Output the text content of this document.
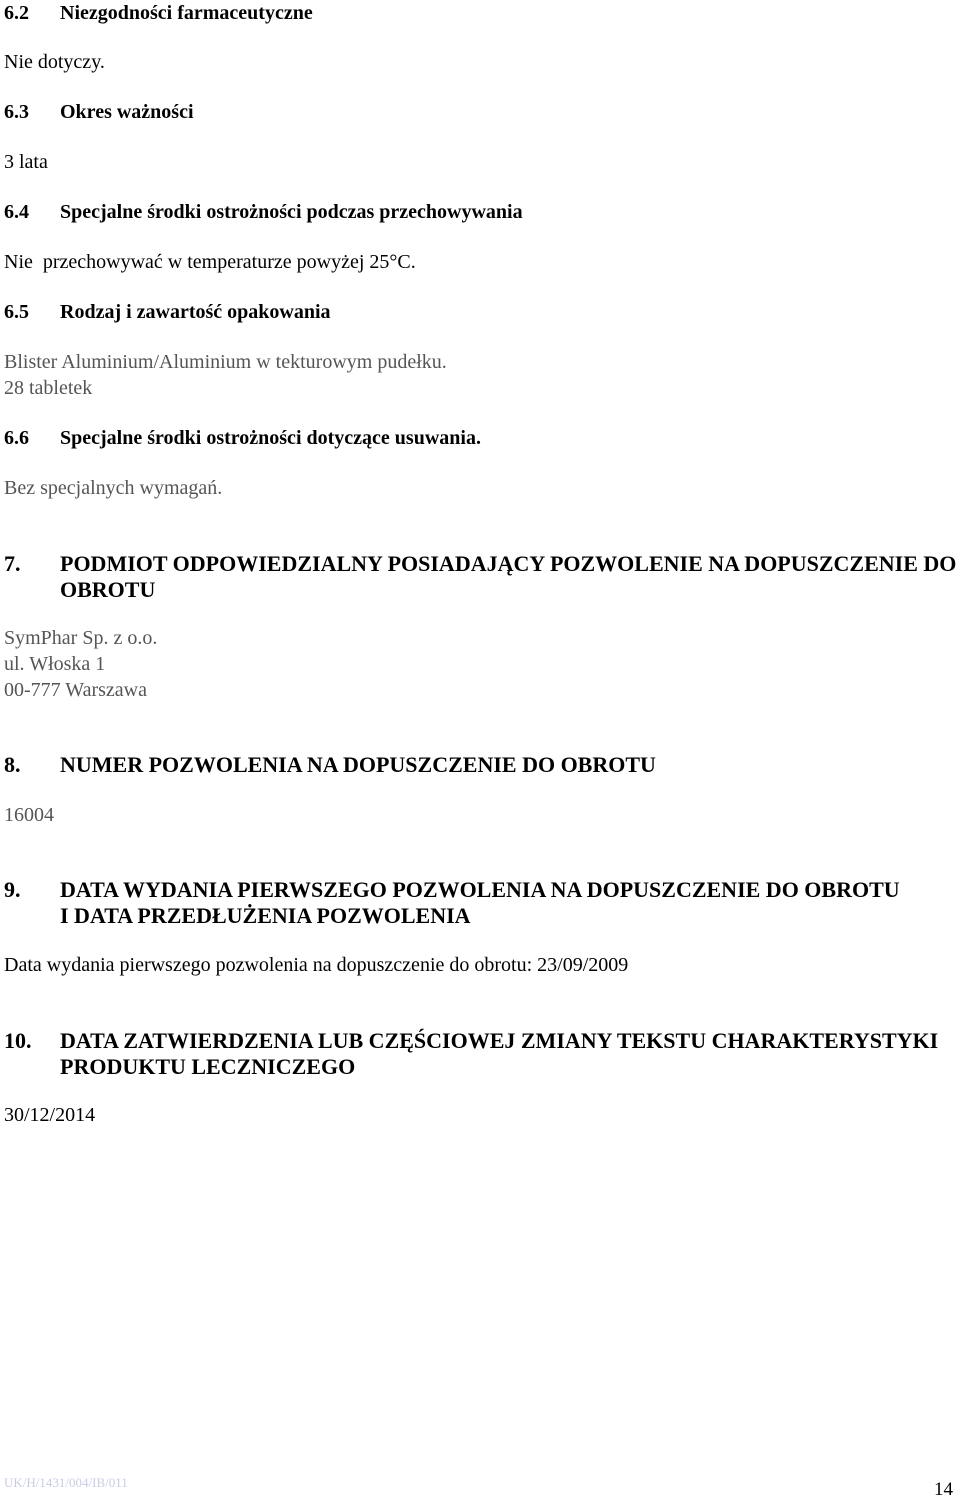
6.2 Niezgodności farmaceutyczne
Nie dotyczy.
6.3 Okres ważności
3 lata
6.4 Specjalne środki ostrożności podczas przechowywania
Nie  przechowywać w temperaturze powyżej 25°C.
6.5 Rodzaj i zawartość opakowania
Blister Aluminium/Aluminium w tekturowym pudełku.
28 tabletek
6.6 Specjalne środki ostrożności dotyczące usuwania.
Bez specjalnych wymagań.
7. PODMIOT ODPOWIEDZIALNY POSIADAJĄCY POZWOLENIE NA DOPUSZCZENIE DO
OBROTU
SymPhar Sp. z o.o.
ul. Włoska 1
00-777 Warszawa
8. NUMER POZWOLENIA NA DOPUSZCZENIE DO OBROTU
16004
9. DATA WYDANIA PIERWSZEGO POZWOLENIA NA DOPUSZCZENIE DO OBROTU
I DATA PRZEDŁUŻENIA POZWOLENIA
Data wydania pierwszego pozwolenia na dopuszczenie do obrotu: 23/09/2009
10. DATA ZATWIERDZENIA LUB CZĘŚCIOWEJ ZMIANY TEKSTU CHARAKTERYSTYKI
PRODUKTU LECZNICZEGO
30/12/2014
UK/H/1431/004/IB/011	14
